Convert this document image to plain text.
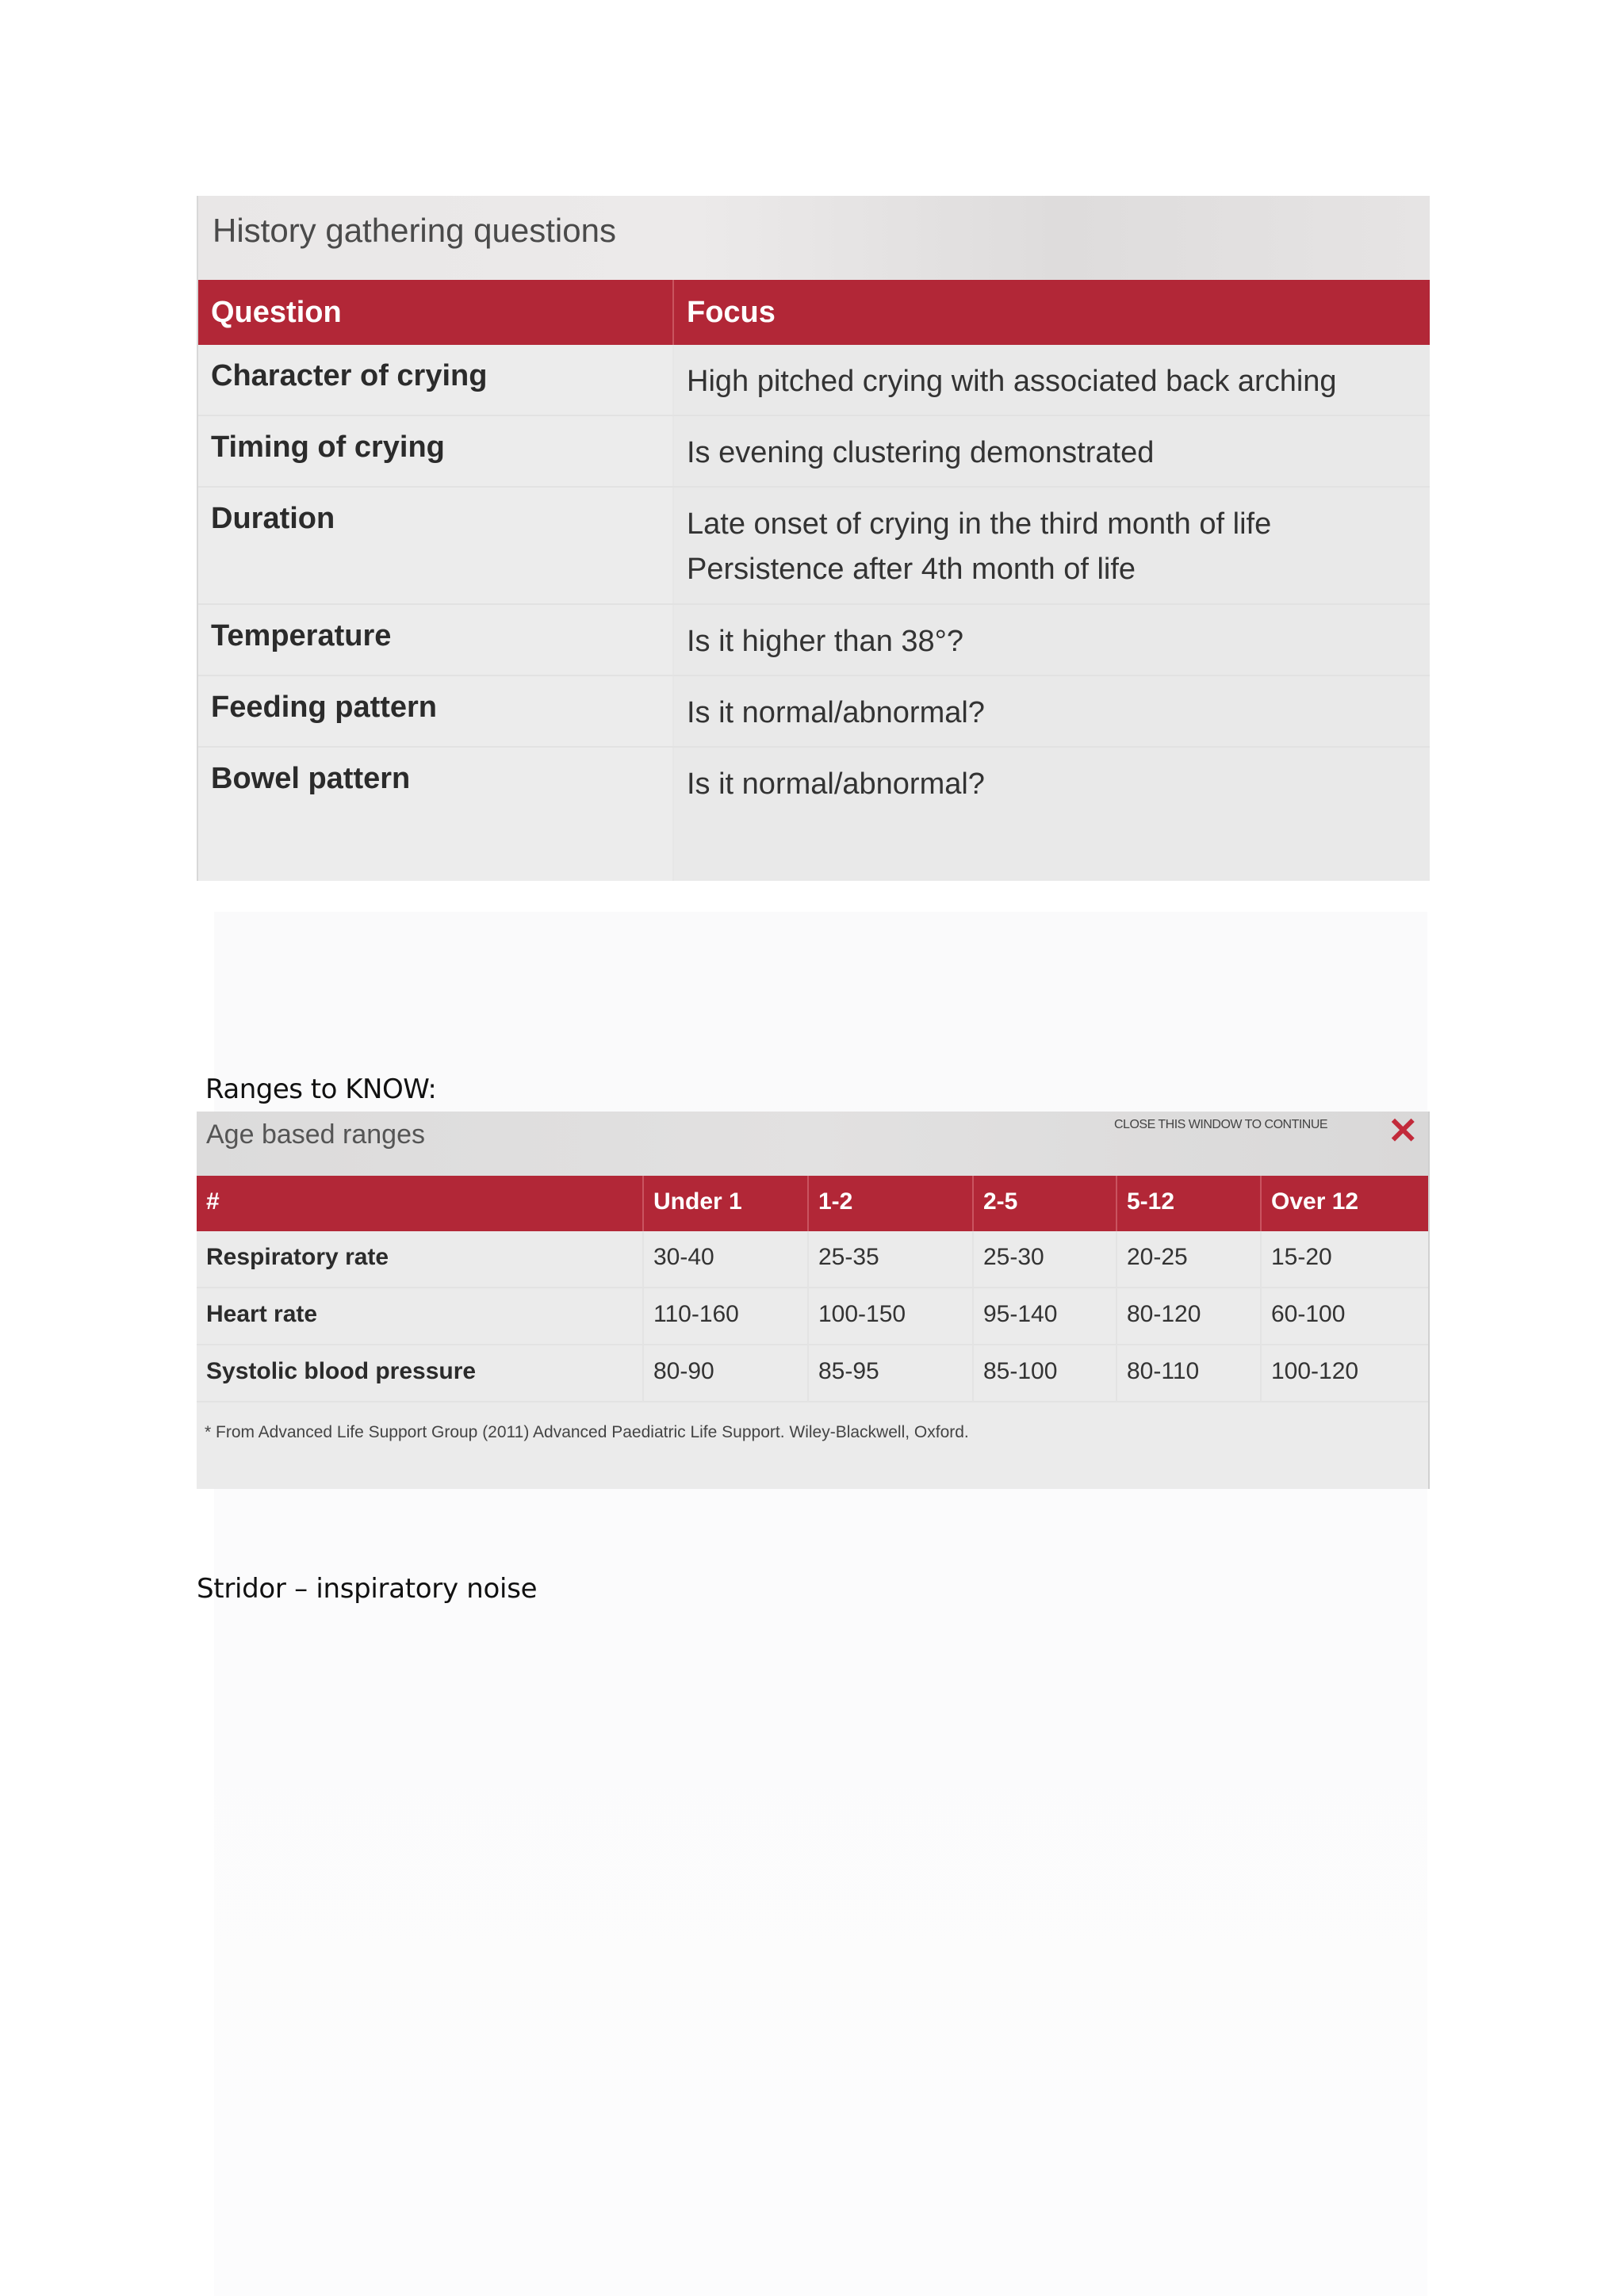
History gathering questions
Question	Focus
Character of crying	High pitched crying with associated back arching
Timing of crying	Is evening clustering demonstrated
Duration	Late onset of crying in the third month of life
Persistence after 4th month of life
Temperature	Is it higher than 38°?
Feeding pattern	Is it normal/abnormal?
Bowel pattern	Is it normal/abnormal?
Ranges to KNOW:
Age based ranges	CLOSE THIS WINDOW TO CONTINUE ✕
#	Under 1	1-2	2-5	5-12	Over 12
Respiratory rate	30-40	25-35	25-30	20-25	15-20
Heart rate	110-160	100-150	95-140	80-120	60-100
Systolic blood pressure	80-90	85-95	85-100	80-110	100-120
* From Advanced Life Support Group (2011) Advanced Paediatric Life Support. Wiley-Blackwell, Oxford.
Stridor – inspiratory noise
